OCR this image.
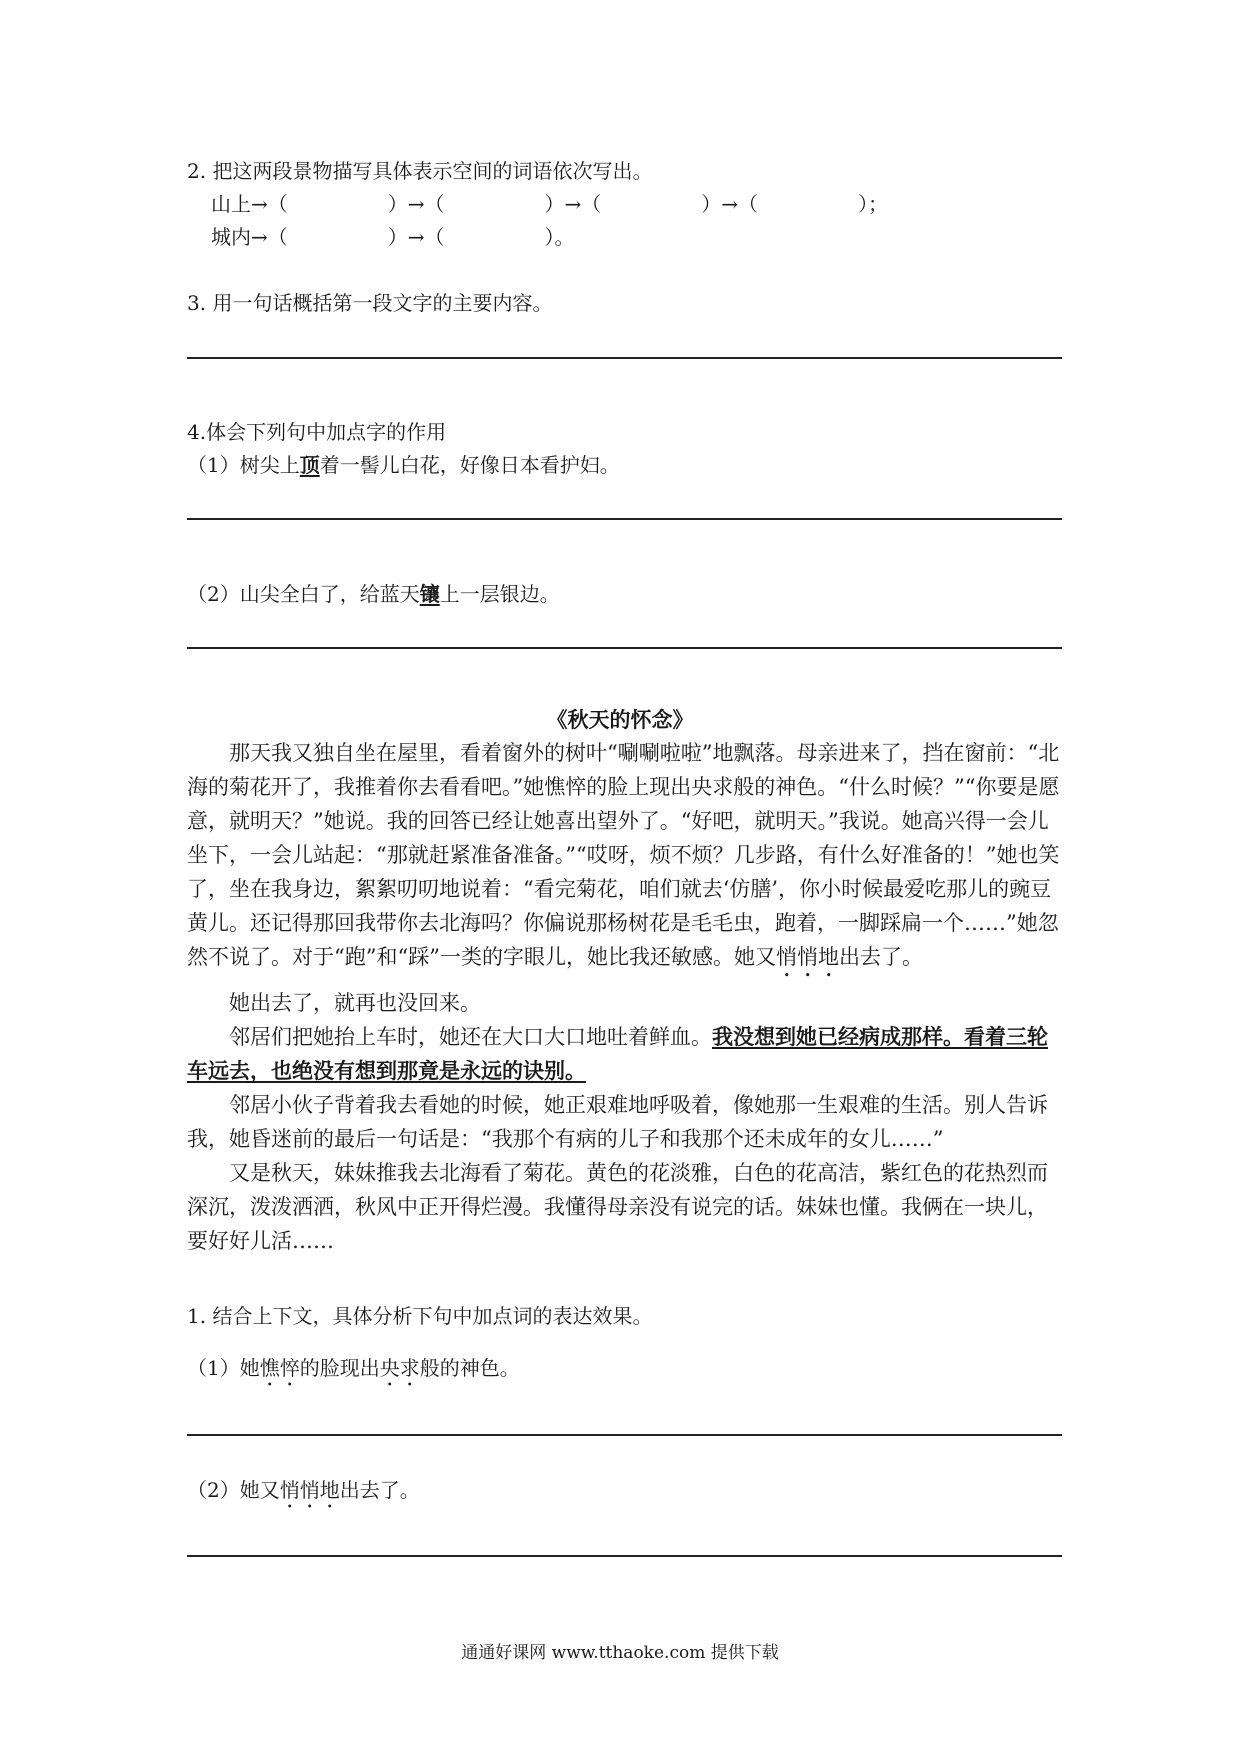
2. 把这两段景物描写具体表示空间的词语依次写出。
山上→（　　　　　）→（　　　　　）→（　　　　　）→（　　　　　）；
城内→（　　　　　）→（　　　　　）。
3. 用一句话概括第一段文字的主要内容。
4.体会下列句中加点字的作用
（1）树尖上顶着一髻儿白花，好像日本看护妇。
（2）山尖全白了，给蓝天镶上一层银边。
《秋天的怀念》

那天我又独自坐在屋里，看着窗外的树叶“唰唰啦啦”地飘落。母亲进来了，挡在窗前：“北海的菊花开了，我推着你去看看吧。”她憔悴的脸上现出央求般的神色。“什么时候？”“你要是愿意，就明天？”她说。我的回答已经让她喜出望外了。“好吧，就明天。”我说。她高兴得一会儿坐下，一会儿站起：“那就赶紧准备准备。”“哎呀，烦不烦？几步路，有什么好准备的！”她也笑了，坐在我身边，絮絮叨叨地说着：“看完菊花，咱们就去‘仿膳’，你小时候最爱吃那儿的豌豆黄儿。还记得那回我带你去北海吗？你偏说那杨树花是毛毛虫，跑着，一脚踩扁一个……”她忽然不说了。对于“跑”和“踩”一类的字眼儿，她比我还敏感。她又悄悄地出去了。

她出去了，就再也没回来。

邻居们把她抬上车时，她还在大口大口地吐着鲜血。我没想到她已经病成那样。看着三轮车远去，也绝没有想到那竟是永远的诀别。

邻居小伙子背着我去看她的时候，她正艰难地呼吸着，像她那一生艰难的生活。别人告诉我，她昏迷前的最后一句话是：“我那个有病的儿子和我那个还未成年的女儿……”

又是秋天，妹妹推我去北海看了菊花。黄色的花淡雅，白色的花高洁，紫红色的花热烈而深沉，泼泼洒洒，秋风中正开得烂漫。我懂得母亲没有说完的话。妹妹也懂。我俩在一块儿，要好好儿活……

1. 结合上下文，具体分析下句中加点词的表达效果。
（1）她憔悴的脸现出央求般的神色。
（2）她又悄悄地出去了。
通通好课网 www.tthaoke.com 提供下载
